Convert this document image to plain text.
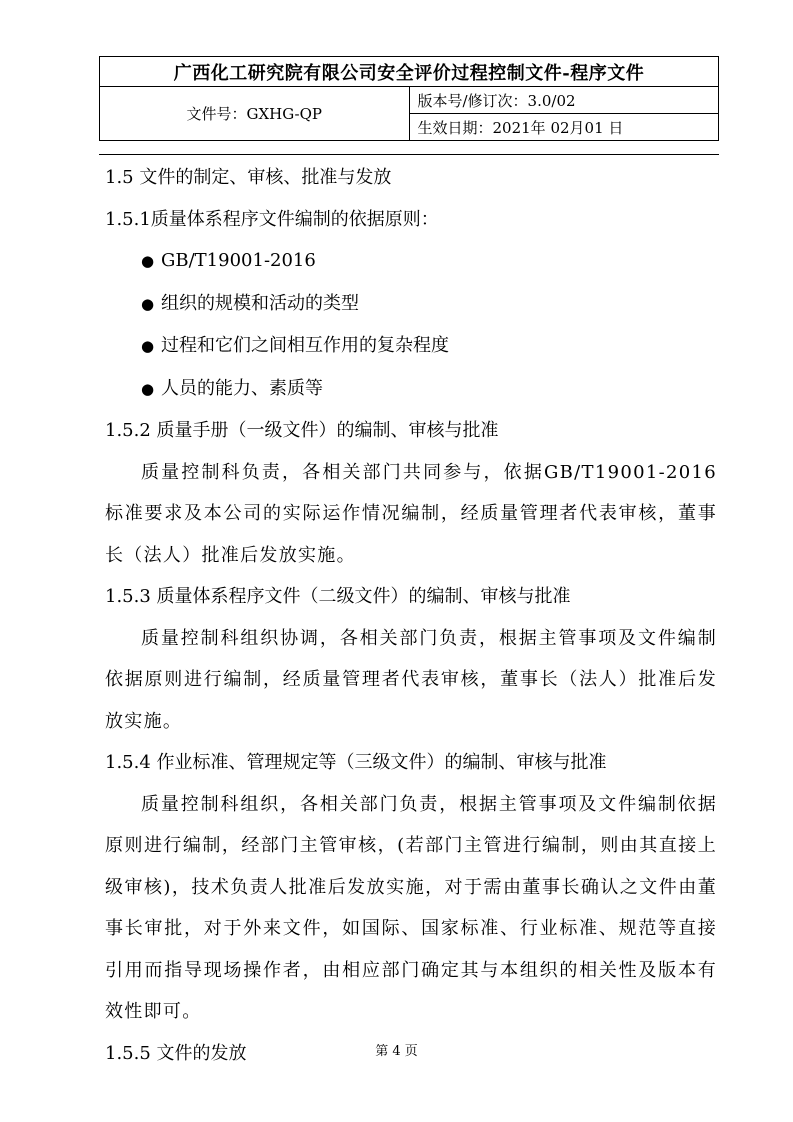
广西化工研究院有限公司安全评价过程控制文件-程序文件
文件号：GXHG-QP	版本号/修订次：3.0/02
生效日期：2021年 02月01 日
1.5 文件的制定、审核、批准与发放
1.5.1质量体系程序文件编制的依据原则：
● GB/T19001-2016
● 组织的规模和活动的类型
● 过程和它们之间相互作用的复杂程度
● 人员的能力、素质等
1.5.2 质量手册（一级文件）的编制、审核与批准
质量控制科负责，各相关部门共同参与，依据GB/T19001-2016标准要求及本公司的实际运作情况编制，经质量管理者代表审核，董事长（法人）批准后发放实施。
1.5.3 质量体系程序文件（二级文件）的编制、审核与批准
质量控制科组织协调，各相关部门负责，根据主管事项及文件编制依据原则进行编制，经质量管理者代表审核，董事长（法人）批准后发放实施。
1.5.4 作业标准、管理规定等（三级文件）的编制、审核与批准
质量控制科组织，各相关部门负责，根据主管事项及文件编制依据原则进行编制，经部门主管审核，(若部门主管进行编制，则由其直接上级审核)，技术负责人批准后发放实施，对于需由董事长确认之文件由董事长审批，对于外来文件，如国际、国家标准、行业标准、规范等直接引用而指导现场操作者，由相应部门确定其与本组织的相关性及版本有效性即可。
1.5.5 文件的发放	第 4 页
